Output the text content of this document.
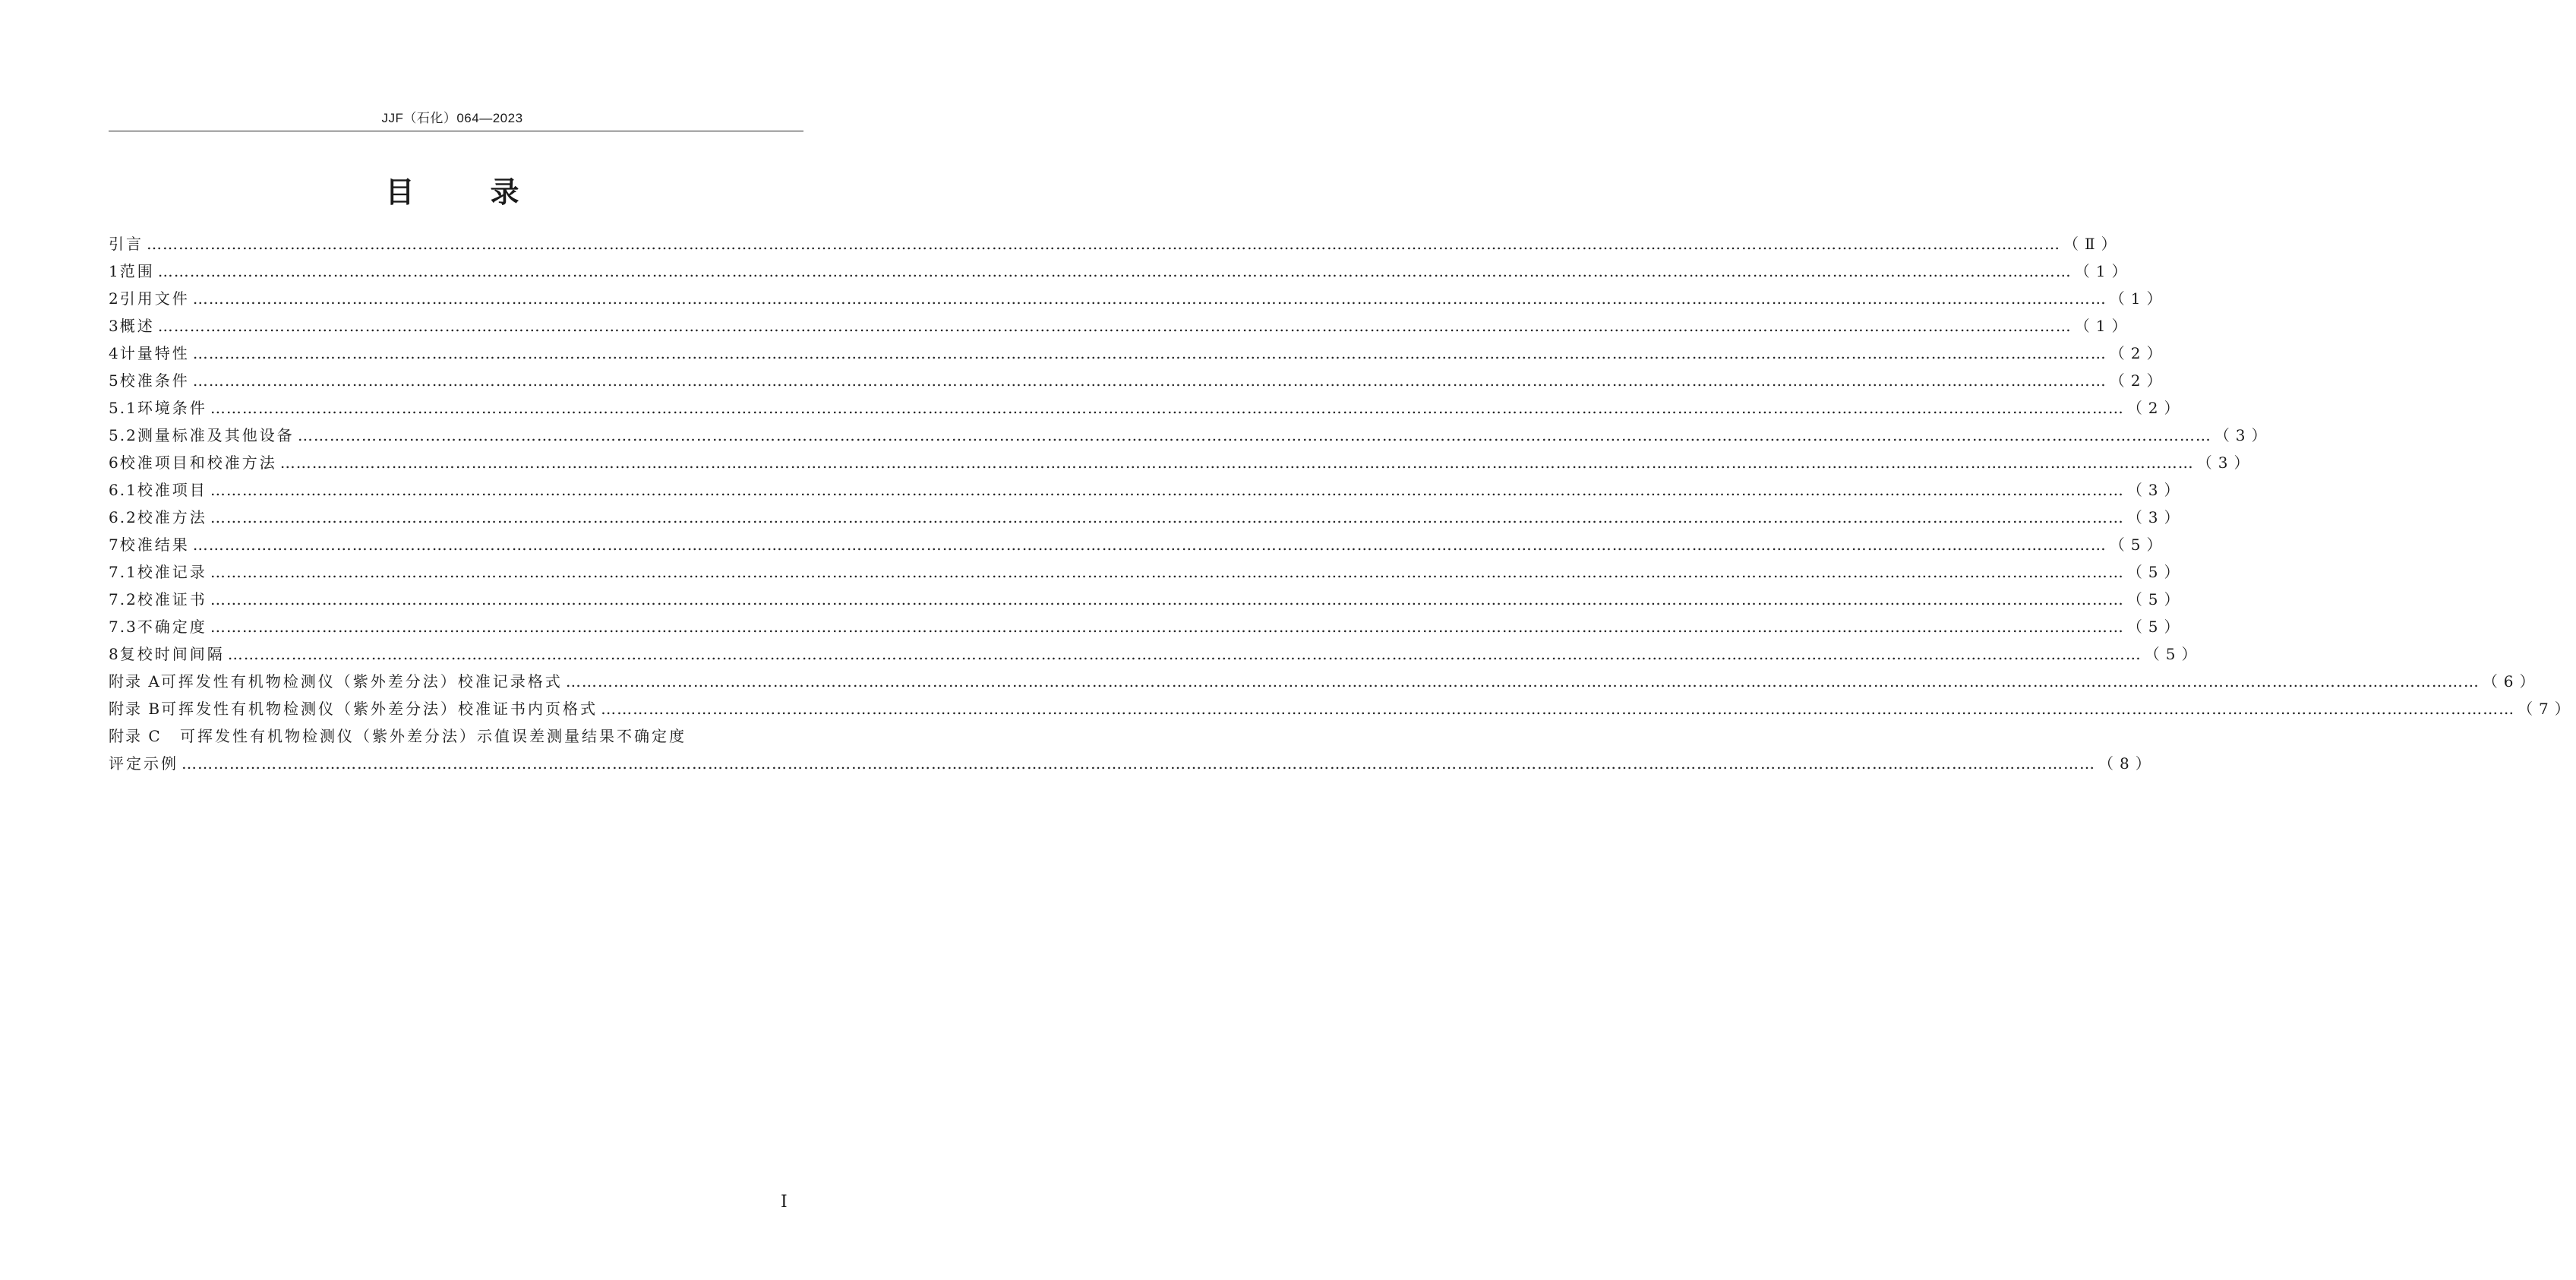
JJF（石化）064—2023
目	录
引言 ……………………………………………………………………………………………………………………………………………………………………………………………………………………………………………………………………………………………………………………………… （Ⅱ）
1 范围 ……………………………………………………………………………………………………………………………………………………………………………………………………………………………………………………………………………………………………………………………… （1）
2 引用文件 ……………………………………………………………………………………………………………………………………………………………………………………………………………………………………………………………………………………………………………………………… （1）
3 概述 ……………………………………………………………………………………………………………………………………………………………………………………………………………………………………………………………………………………………………………………………… （1）
4 计量特性 ……………………………………………………………………………………………………………………………………………………………………………………………………………………………………………………………………………………………………………………………… （2）
5 校准条件 ……………………………………………………………………………………………………………………………………………………………………………………………………………………………………………………………………………………………………………………………… （2）
5.1 环境条件 ……………………………………………………………………………………………………………………………………………………………………………………………………………………………………………………………………………………………………………………………… （2）
5.2 测量标准及其他设备 ……………………………………………………………………………………………………………………………………………………………………………………………………………………………………………………………………………………………………………………………… （3）
6 校准项目和校准方法 ……………………………………………………………………………………………………………………………………………………………………………………………………………………………………………………………………………………………………………………………… （3）
6.1 校准项目 ……………………………………………………………………………………………………………………………………………………………………………………………………………………………………………………………………………………………………………………………… （3）
6.2 校准方法 ……………………………………………………………………………………………………………………………………………………………………………………………………………………………………………………………………………………………………………………………… （3）
7 校准结果 ……………………………………………………………………………………………………………………………………………………………………………………………………………………………………………………………………………………………………………………………… （5）
7.1 校准记录 ……………………………………………………………………………………………………………………………………………………………………………………………………………………………………………………………………………………………………………………………… （5）
7.2 校准证书 ……………………………………………………………………………………………………………………………………………………………………………………………………………………………………………………………………………………………………………………………… （5）
7.3 不确定度 ……………………………………………………………………………………………………………………………………………………………………………………………………………………………………………………………………………………………………………………………… （5）
8 复校时间间隔 ……………………………………………………………………………………………………………………………………………………………………………………………………………………………………………………………………………………………………………………………… （5）
附录 A 可挥发性有机物检测仪（紫外差分法）校准记录格式 ……………………………………………………………………………………………………………………………………………………………………………………………………………………………………………………………………………………………………………………………… （6）
附录 B 可挥发性有机物检测仪（紫外差分法）校准证书内页格式 ……………………………………………………………………………………………………………………………………………………………………………………………………………………………………………………………………………………………………………………………… （7）
附录 C	可挥发性有机物检测仪（紫外差分法）示值误差测量结果不确定度
评定示例 ……………………………………………………………………………………………………………………………………………………………………………………………………………………………………………………………………………………………………………………………… （8）
I
